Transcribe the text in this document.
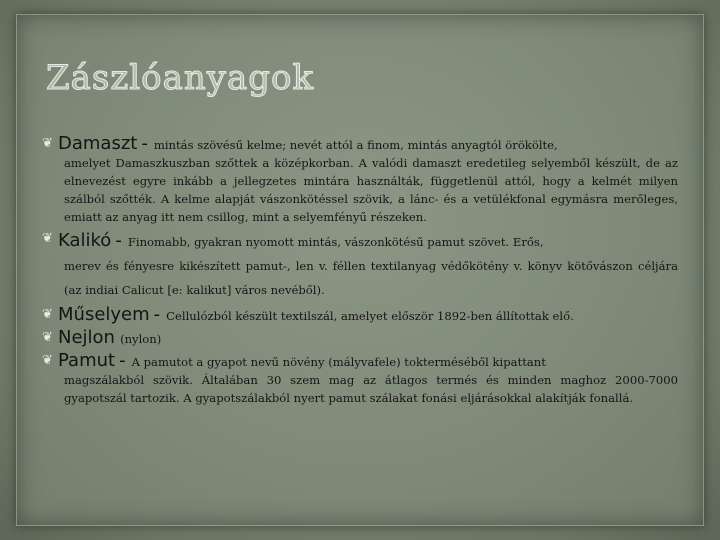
Zászlóanyagok
❦ Damaszt - mintás szövésű kelme; nevét attól a finom, mintás anyagtól örökölte,
amelyet Damaszkuszban szőttek a középkorban. A valódi damaszt eredetileg selyemből készült, de az elnevezést egyre inkább a jellegzetes mintára használták, függetlenül attól, hogy a kelmét milyen szálból szőtték. A kelme alapját vászonkötéssel szövik, a lánc- és a vetülékfonal egymásra merőleges, emiatt az anyag itt nem csillog, mint a selyemfényű részeken.
❦ Kalikó - Finomabb, gyakran nyomott mintás, vászonkötésű pamut szövet. Erős,
merev és fényesre kikészített pamut-, len v. féllen textilanyag védőkötény v. könyv kötővászon céljára (az indiai Calicut [e: kalikut] város nevéből).
❦ Műselyem - Cellulózból készült textilszál, amelyet először 1892-ben állítottak elő.
❦ Nejlon (nylon)
❦ Pamut - A pamutot a gyapot nevű növény (mályvafele) tokterméséből kipattant
magszálakból szövik. Általában 30 szem mag az átlagos termés és minden maghoz 2000-7000 gyapotszál tartozik. A gyapotszálakból nyert pamut szálakat fonási eljárásokkal alakítják fonallá.
